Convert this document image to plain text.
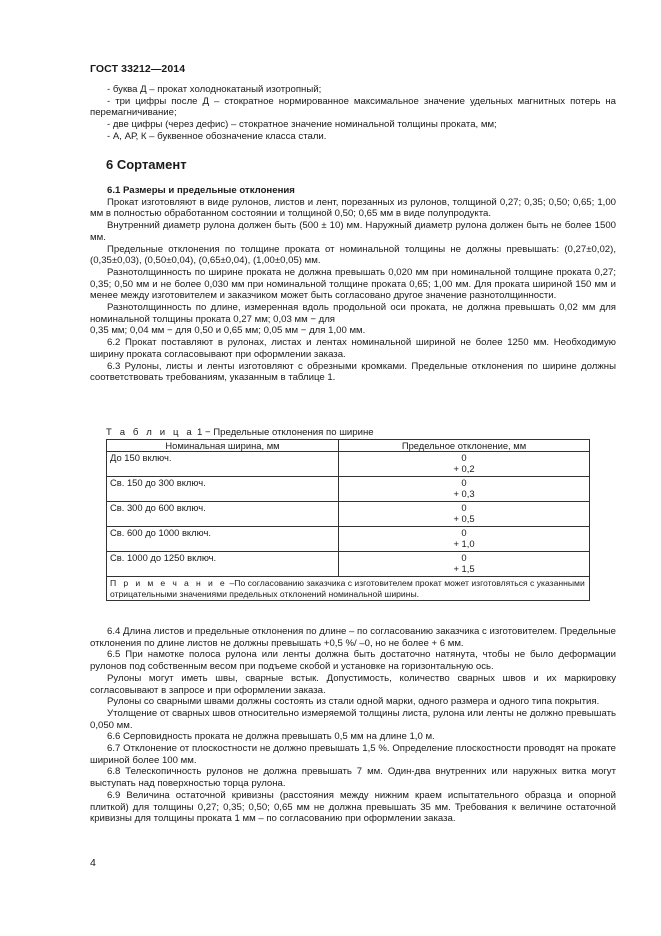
ГОСТ 33212—2014

- буква Д – прокат холоднокатаный изотропный;

- три цифры после Д – стократное нормированное максимальное значение удельных магнитных потерь на перемагничивание;

- две цифры (через дефис) – стократное значение номинальной толщины проката, мм;

- А, АР, К – буквенное обозначение класса стали.

6 Сортамент

6.1 Размеры и предельные отклонения

Прокат изготовляют в виде рулонов, листов и лент, порезанных из рулонов, толщиной 0,27; 0,35; 0,50; 0,65; 1,00 мм в полностью обработанном состоянии и толщиной 0,50; 0,65 мм в виде полупродукта.

Внутренний диаметр рулона должен быть (500 ± 10) мм. Наружный диаметр рулона должен быть не более 1500 мм.

Предельные отклонения по толщине проката от номинальной толщины не должны превышать: (0,27±0,02), (0,35±0,03), (0,50±0,04), (0,65±0,04), (1,00±0,05) мм.

Разнотолщинность по ширине проката не должна превышать 0,020 мм при номинальной толщине проката 0,27; 0,35; 0,50 мм и не более 0,030 мм при номинальной толщине проката 0,65; 1,00 мм. Для проката шириной 150 мм и менее между изготовителем и заказчиком может быть согласовано другое значение разнотолщинности.

Разнотолщинность по длине, измеренная вдоль продольной оси проката, не должна превышать 0,02 мм для номинальной толщины проката 0,27 мм; 0,03 мм − для

0,35 мм; 0,04 мм − для 0,50 и 0,65 мм; 0,05 мм − для 1,00 мм.

6.2 Прокат поставляют в рулонах, листах и лентах номинальной шириной не более 1250 мм. Необходимую ширину проката согласовывают при оформлении заказа.

6.3 Рулоны, листы и ленты изготовляют с обрезными кромками. Предельные отклонения по ширине должны соответствовать требованиям, указанным в таблице 1.

Т а б л и ц а 1 − Предельные отклонения по ширине
Номинальная ширина, мм	Предельное отклонение, мм
До 150 включ.	0
+ 0,2

Св. 150 до 300 включ.	0
+ 0,3

Св. 300 до 600 включ.	0
+ 0,5

Св. 600 до 1000 включ.	0
+ 1,0

Св. 1000 до 1250 включ.	0
+ 1,5

П р и м е ч а н и е –По согласованию заказчика с изготовителем прокат может изготовляться с указанными отрицательными значениями предельных отклонений номинальной ширины.	

6.4 Длина листов и предельные отклонения по длине – по согласованию заказчика с изготовителем. Предельные отклонения по длине листов не должны превышать +0,5 %/ –0, но не более + 6 мм.

6.5 При намотке полоса рулона или ленты должна быть достаточно натянута, чтобы не было деформации рулонов под собственным весом при подъеме скобой и установке на горизонтальную ось.

Рулоны могут иметь швы, сварные встык. Допустимость, количество сварных швов и их маркировку согласовывают в запросе и при оформлении заказа.

Рулоны со сварными швами должны состоять из стали одной марки, одного размера и одного типа покрытия.

Утолщение от сварных швов относительно измеряемой толщины листа, рулона или ленты не должно превышать 0,050 мм.

6.6 Серповидность проката не должна превышать 0,5 мм на длине 1,0 м.

6.7 Отклонение от плоскостности не должно превышать 1,5 %. Определение плоскостности проводят на прокате шириной более 100 мм.

6.8 Телескопичность рулонов не должна превышать 7 мм. Один-два внутренних или наружных витка могут выступать над поверхностью торца рулона.

6.9 Величина остаточной кривизны (расстояния между нижним краем испытательного образца и опорной плиткой) для толщины 0,27; 0,35; 0,50; 0,65 мм не должна превышать 35 мм. Требования к величине остаточной кривизны для толщины проката 1 мм – по согласованию при оформлении заказа.

4
